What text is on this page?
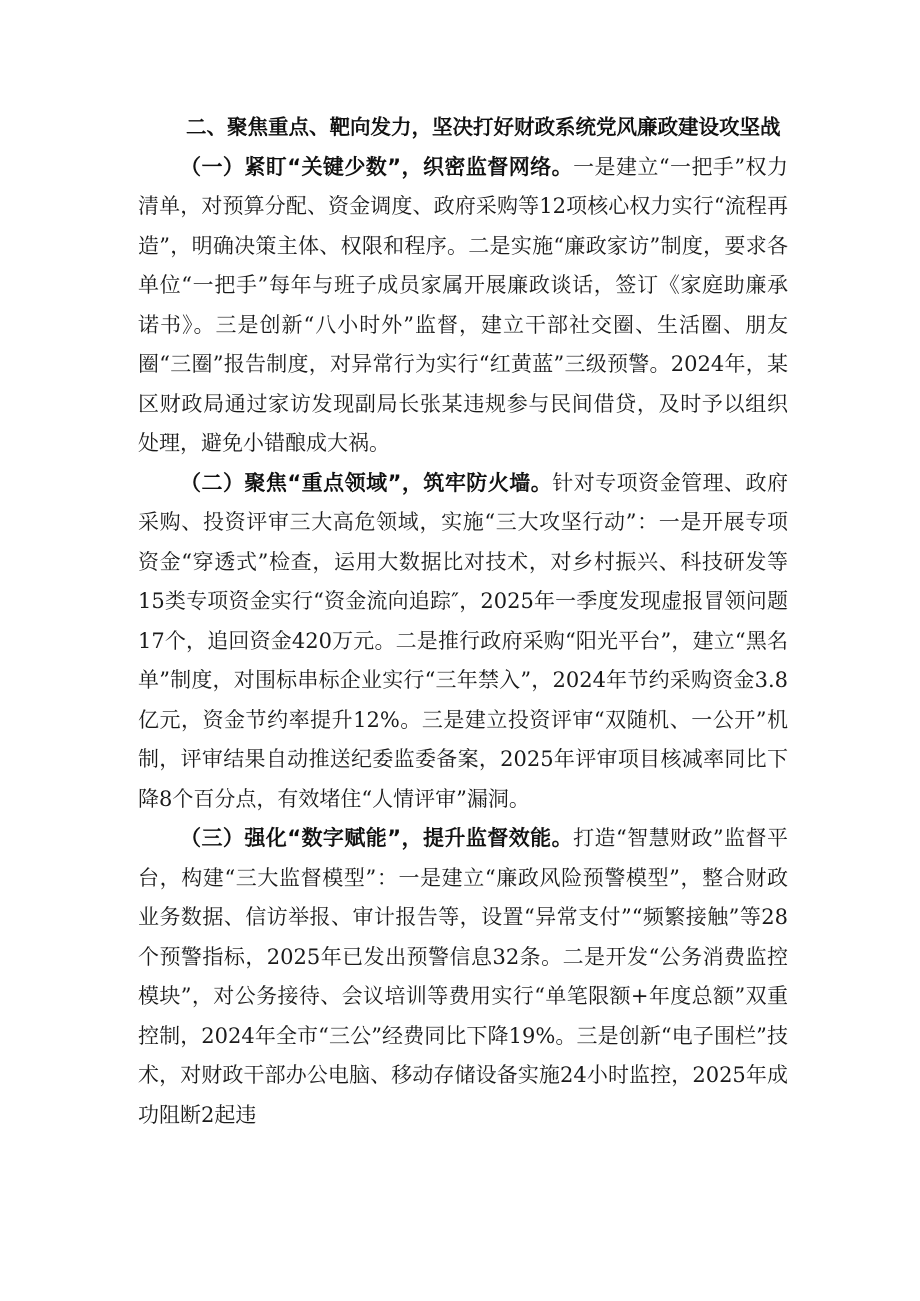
二、聚焦重点、靶向发力，坚决打好财政系统党风廉政建设攻坚战

（一）紧盯“关键少数”，织密监督网络。一是建立“一把手”权力清单，对预算分配、资金调度、政府采购等12项核心权力实行“流程再造”，明确决策主体、权限和程序。二是实施“廉政家访”制度，要求各单位“一把手”每年与班子成员家属开展廉政谈话，签订《家庭助廉承诺书》。三是创新“八小时外”监督，建立干部社交圈、生活圈、朋友圈“三圈”报告制度，对异常行为实行“红黄蓝”三级预警。2024年，某区财政局通过家访发现副局长张某违规参与民间借贷，及时予以组织处理，避免小错酿成大祸。

（二）聚焦“重点领域”，筑牢防火墙。针对专项资金管理、政府采购、投资评审三大高危领域，实施“三大攻坚行动”：一是开展专项资金“穿透式”检查，运用大数据比对技术，对乡村振兴、科技研发等15类专项资金实行“资金流向追踪″，2025年一季度发现虚报冒领问题17个，追回资金420万元。二是推行政府采购“阳光平台”，建立“黑名单”制度，对围标串标企业实行“三年禁入”，2024年节约采购资金3.8亿元，资金节约率提升12%。三是建立投资评审“双随机、一公开”机制，评审结果自动推送纪委监委备案，2025年评审项目核减率同比下降8个百分点，有效堵住“人情评审”漏洞。

（三）强化“数字赋能”，提升监督效能。打造“智慧财政”监督平台，构建“三大监督模型”：一是建立“廉政风险预警模型”，整合财政业务数据、信访举报、审计报告等，设置“异常支付”“频繁接触”等28个预警指标，2025年已发出预警信息32条。二是开发“公务消费监控模块”，对公务接待、会议培训等费用实行“单笔限额+年度总额”双重控制，2024年全市“三公”经费同比下降19%。三是创新“电子围栏”技术，对财政干部办公电脑、移动存储设备实施24小时监控，2025年成功阻断2起违
